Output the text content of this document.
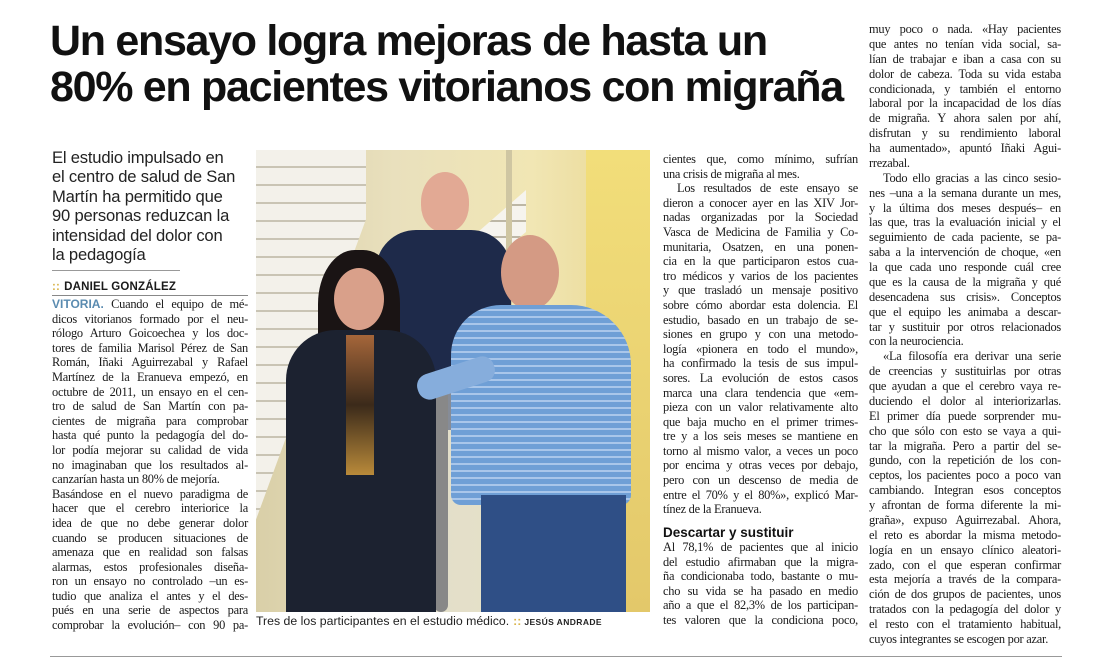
Un ensayo logra mejoras de hasta un
80% en pacientes vitorianos con migraña
El estudio impulsado en
el centro de salud de San
Martín ha permitido que
90 personas reduzcan la
intensidad del dolor con
la pedagogía
:: DANIEL GONZÁLEZ
VITORIA. Cuando el equipo de mé-
dicos vitorianos formado por el neu-
rólogo Arturo Goicoechea y los doc-
tores de familia Marisol Pérez de San
Román, Iñaki Aguirrezabal y Rafael
Martínez de la Eranueva empezó, en
octubre de 2011, un ensayo en el cen-
tro de salud de San Martín con pa-
cientes de migraña para comprobar
hasta qué punto la pedagogía del do-
lor podía mejorar su calidad de vida
no imaginaban que los resultados al-
canzarían hasta un 80% de mejoría.
Basándose en el nuevo paradigma de
hacer que el cerebro interiorice la
idea de que no debe generar dolor
cuando se producen situaciones de
amenaza que en realidad son falsas
alarmas, estos profesionales diseña-
ron un ensayo no controlado –un es-
tudio que analiza el antes y el des-
pués en una serie de aspectos para
comprobar la evolución– con 90 pa- Tres de los participantes en el estudio médico. :: JESÚS ANDRADE
cientes que, como mínimo, sufrían
una crisis de migraña al mes.
Los resultados de este ensayo se
dieron a conocer ayer en las XIV Jor-
nadas organizadas por la Sociedad
Vasca de Medicina de Familia y Co-
munitaria, Osatzen, en una ponen-
cia en la que participaron estos cua-
tro médicos y varios de los pacientes
y que trasladó un mensaje positivo
sobre cómo abordar esta dolencia. El
estudio, basado en un trabajo de se-
siones en grupo y con una metodo-
logía «pionera en todo el mundo»,
ha confirmado la tesis de sus impul-
sores. La evolución de estos casos
marca una clara tendencia que «em-
pieza con un valor relativamente alto
que baja mucho en el primer trimes-
tre y a los seis meses se mantiene en
torno al mismo valor, a veces un poco
por encima y otras veces por debajo,
pero con un descenso de media de
entre el 70% y el 80%», explicó Mar-
tínez de la Eranueva.
Descartar y sustituir
Al 78,1% de pacientes que al inicio
del estudio afirmaban que la migra-
ña condicionaba todo, bastante o mu-
cho su vida se ha pasado en medio
año a que el 82,3% de los participan-
tes valoren que la condiciona poco,
muy poco o nada. «Hay pacientes
que antes no tenían vida social, sa-
lían de trabajar e iban a casa con su
dolor de cabeza. Toda su vida estaba
condicionada, y también el entorno
laboral por la incapacidad de los días
de migraña. Y ahora salen por ahí,
disfrutan y su rendimiento laboral
ha aumentado», apuntó Iñaki Agui-
rrezabal.
Todo ello gracias a las cinco sesio-
nes –una a la semana durante un mes,
y la última dos meses después– en
las que, tras la evaluación inicial y el
seguimiento de cada paciente, se pa-
saba a la intervención de choque, «en
la que cada uno responde cuál cree
que es la causa de la migraña y qué
desencadena sus crisis». Conceptos
que el equipo les animaba a descar-
tar y sustituir por otros relacionados
con la neurociencia.
«La filosofía era derivar una serie
de creencias y sustituirlas por otras
que ayudan a que el cerebro vaya re-
duciendo el dolor al interiorizarlas.
El primer día puede sorprender mu-
cho que sólo con esto se vaya a qui-
tar la migraña. Pero a partir del se-
gundo, con la repetición de los con-
ceptos, los pacientes poco a poco van
cambiando. Integran esos conceptos
y afrontan de forma diferente la mi-
graña», expuso Aguirrezabal. Ahora,
el reto es abordar la misma metodo-
logía en un ensayo clínico aleatori-
zado, con el que esperan confirmar
esta mejoría a través de la compara-
ción de dos grupos de pacientes, unos
tratados con la pedagogía del dolor y
el resto con el tratamiento habitual,
cuyos integrantes se escogen por azar.
